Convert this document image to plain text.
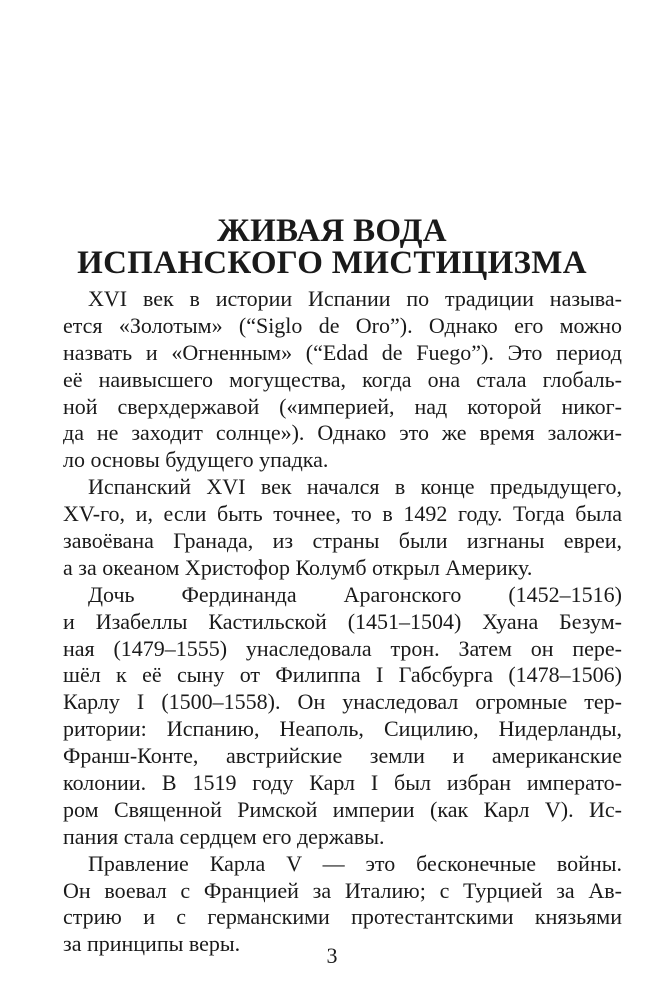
ЖИВАЯ ВОДА
ИСПАНСКОГО МИСТИЦИЗМА
XVI век в истории Испании по традиции называ-
ется «Золотым» (“Siglo de Oro”). Однако его можно
назвать и «Огненным» (“Edad de Fuego”). Это период
её наивысшего могущества, когда она стала глобаль-
ной сверхдержавой («империей, над которой никог-
да не заходит солнце»). Однако это же время заложи-
ло основы будущего упадка.
Испанский XVI век начался в конце предыдущего,
XV-го, и, если быть точнее, то в 1492 году. Тогда была
завоёвана Гранада, из страны были изгнаны евреи,
а за океаном Христофор Колумб открыл Америку.
Дочь Фердинанда Арагонского (1452–1516)
и Изабеллы Кастильской (1451–1504) Хуана Безум-
ная (1479–1555) унаследовала трон. Затем он пере-
шёл к её сыну от Филиппа I Габсбурга (1478–1506)
Карлу I (1500–1558). Он унаследовал огромные тер-
ритории: Испанию, Неаполь, Сицилию, Нидерланды,
Франш-Конте, австрийские земли и американские
колонии. В 1519 году Карл I был избран императо-
ром Священной Римской империи (как Карл V). Ис-
пания стала сердцем его державы.
Правление Карла V — это бесконечные войны.
Он воевал с Францией за Италию; с Турцией за Ав-
стрию и с германскими протестантскими князьями
за принципы веры.	3
